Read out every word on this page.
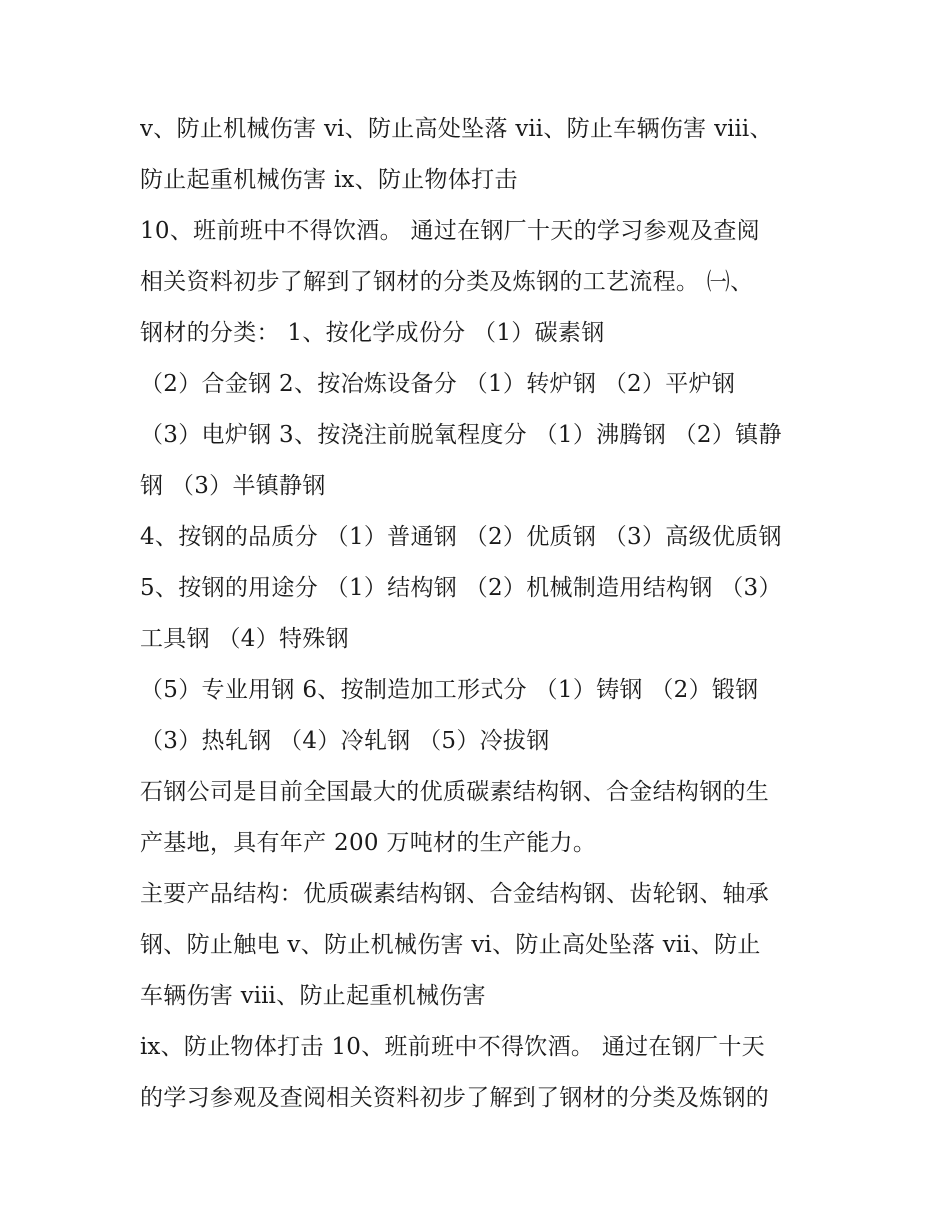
ⅴ、防止机械伤害 ⅵ、防止高处坠落 ⅶ、防止车辆伤害 ⅷ、
防止起重机械伤害 ⅸ、防止物体打击
10、班前班中不得饮酒。 通过在钢厂十天的学习参观及查阅
相关资料初步了解到了钢材的分类及炼钢的工艺流程。 ㈠、
钢材的分类： 1、按化学成份分 （1）碳素钢
（2）合金钢 2、按冶炼设备分 （1）转炉钢 （2）平炉钢
（3）电炉钢 3、按浇注前脱氧程度分 （1）沸腾钢 （2）镇静
钢 （3）半镇静钢
4、按钢的品质分 （1）普通钢 （2）优质钢 （3）高级优质钢
5、按钢的用途分 （1）结构钢 （2）机械制造用结构钢 （3）
工具钢 （4）特殊钢
（5）专业用钢 6、按制造加工形式分 （1）铸钢 （2）锻钢
（3）热轧钢 （4）冷轧钢 （5）冷拔钢
石钢公司是目前全国最大的优质碳素结构钢、合金结构钢的生
产基地，具有年产 200 万吨材的生产能力。
主要产品结构：优质碳素结构钢、合金结构钢、齿轮钢、轴承
钢、防止触电 ⅴ、防止机械伤害 ⅵ、防止高处坠落 ⅶ、防止
车辆伤害 ⅷ、防止起重机械伤害
ⅸ、防止物体打击 10、班前班中不得饮酒。 通过在钢厂十天
的学习参观及查阅相关资料初步了解到了钢材的分类及炼钢的
